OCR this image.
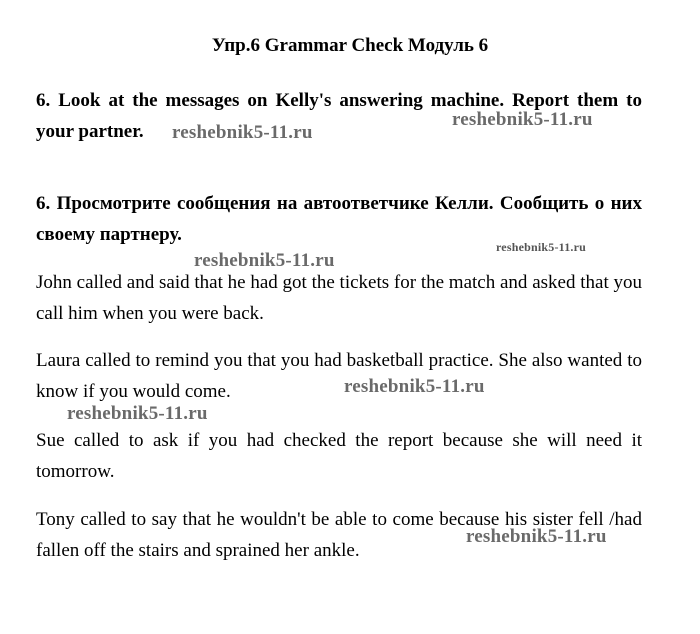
Упр.6 Grammar Check Модуль 6
6. Look at the messages on Kelly's answering machine. Report them to your partner.
6. Просмотрите сообщения на автоответчике Келли. Сообщить о них своему партнеру.
John called and said that he had got the tickets for the match and asked that you call him when you were back.
Laura called to remind you that you had basketball practice. She also wanted to know if you would come.
Sue called to ask if you had checked the report because she will need it tomorrow.
Tony called to say that he wouldn't be able to come because his sister fell /had fallen off the stairs and sprained her ankle.
reshebnik5-11.ru
reshebnik5-11.ru
reshebnik5-11.ru
reshebnik5-11.ru
reshebnik5-11.ru
reshebnik5-11.ru
reshebnik5-11.ru
